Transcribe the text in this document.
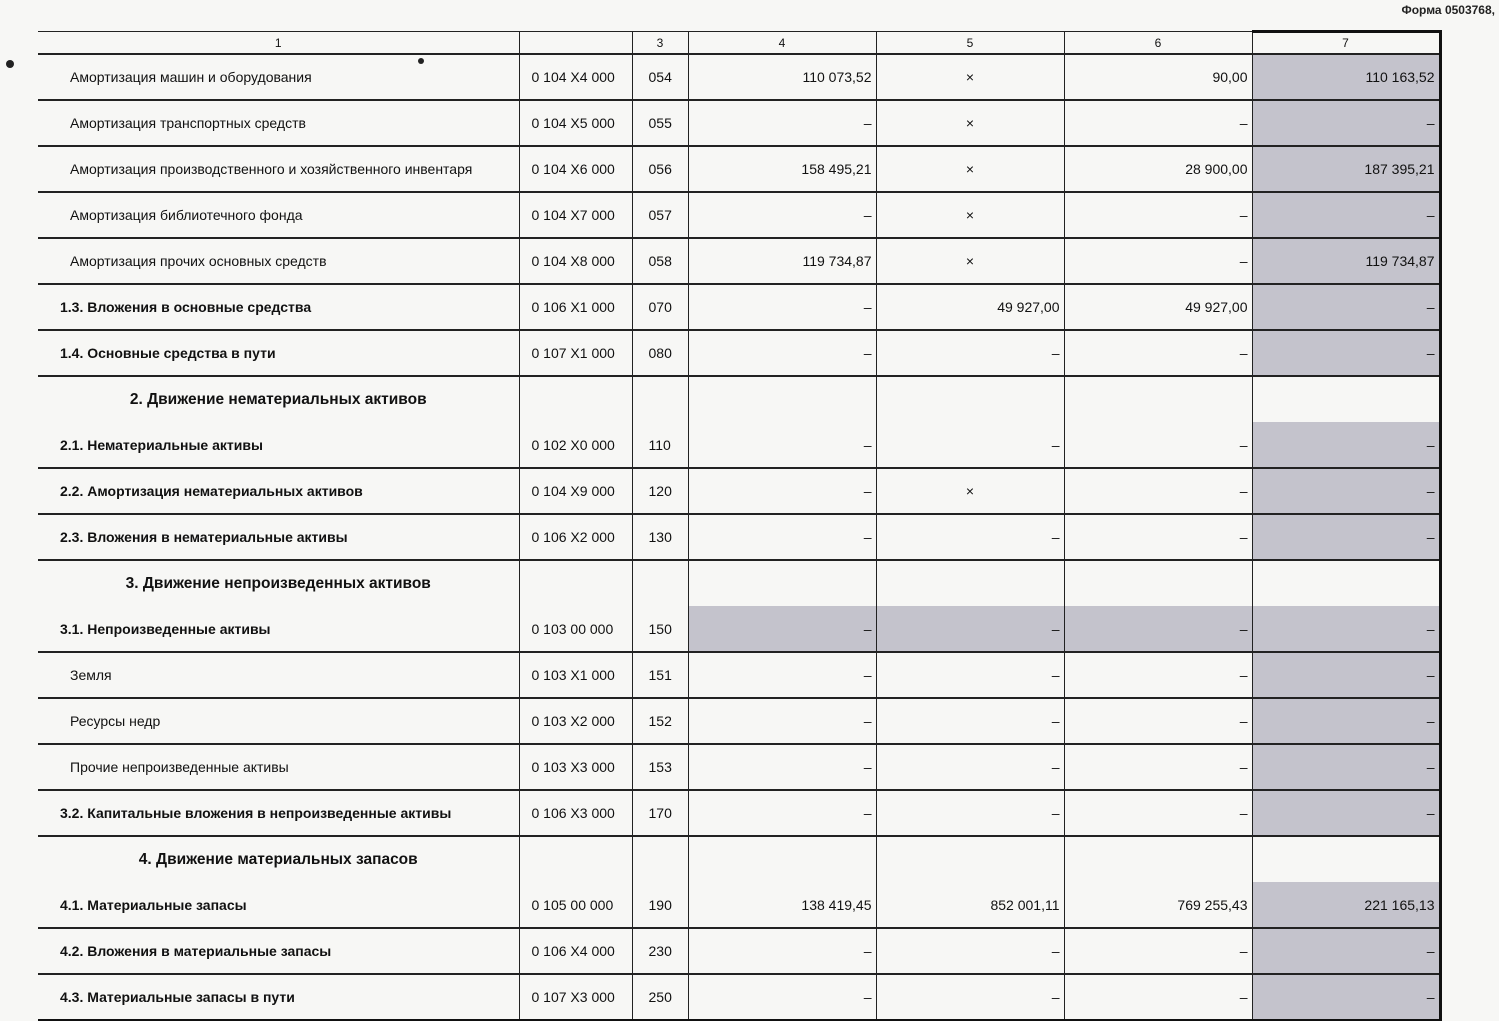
Форма 0503768,
1		3	4	5	6	7

Амортизация машин и оборудования	0 104 X4 000	054	110 073,52	×	90,00	110 163,52

Амортизация транспортных средств	0 104 X5 000	055	–	×	–	–

Амортизация производственного и хозяйственного инвентаря	0 104 X6 000	056	158 495,21	×	28 900,00	187 395,21

Амортизация библиотечного фонда	0 104 X7 000	057	–	×	–	–

Амортизация прочих основных средств	0 104 X8 000	058	119 734,87	×	–	119 734,87

1.3. Вложения в основные средства	0 106 X1 000	070	–	49 927,00	49 927,00	–

1.4. Основные средства в пути	0 107 X1 000	080	–	–	–	–
2. Движение нематериальных активов						

2.1. Нематериальные активы	0 102 X0 000	110	–	–	–	–

2.2. Амортизация нематериальных активов	0 104 X9 000	120	–	×	–	–

2.3. Вложения в нематериальные активы	0 106 X2 000	130	–	–	–	–
3. Движение непроизведенных активов						

3.1. Непроизведенные активы	0 103 00 000	150	–	–	–	–

Земля	0 103 X1 000	151	–	–	–	–

Ресурсы недр	0 103 X2 000	152	–	–	–	–

Прочие непроизведенные активы	0 103 X3 000	153	–	–	–	–

3.2. Капитальные вложения в непроизведенные активы	0 106 X3 000	170	–	–	–	–
4. Движение материальных запасов						

4.1. Материальные запасы	0 105 00 000	190	138 419,45	852 001,11	769 255,43	221 165,13

4.2. Вложения в материальные запасы	0 106 X4 000	230	–	–	–	–

4.3. Материальные запасы в пути	0 107 X3 000	250	–	–	–	–
